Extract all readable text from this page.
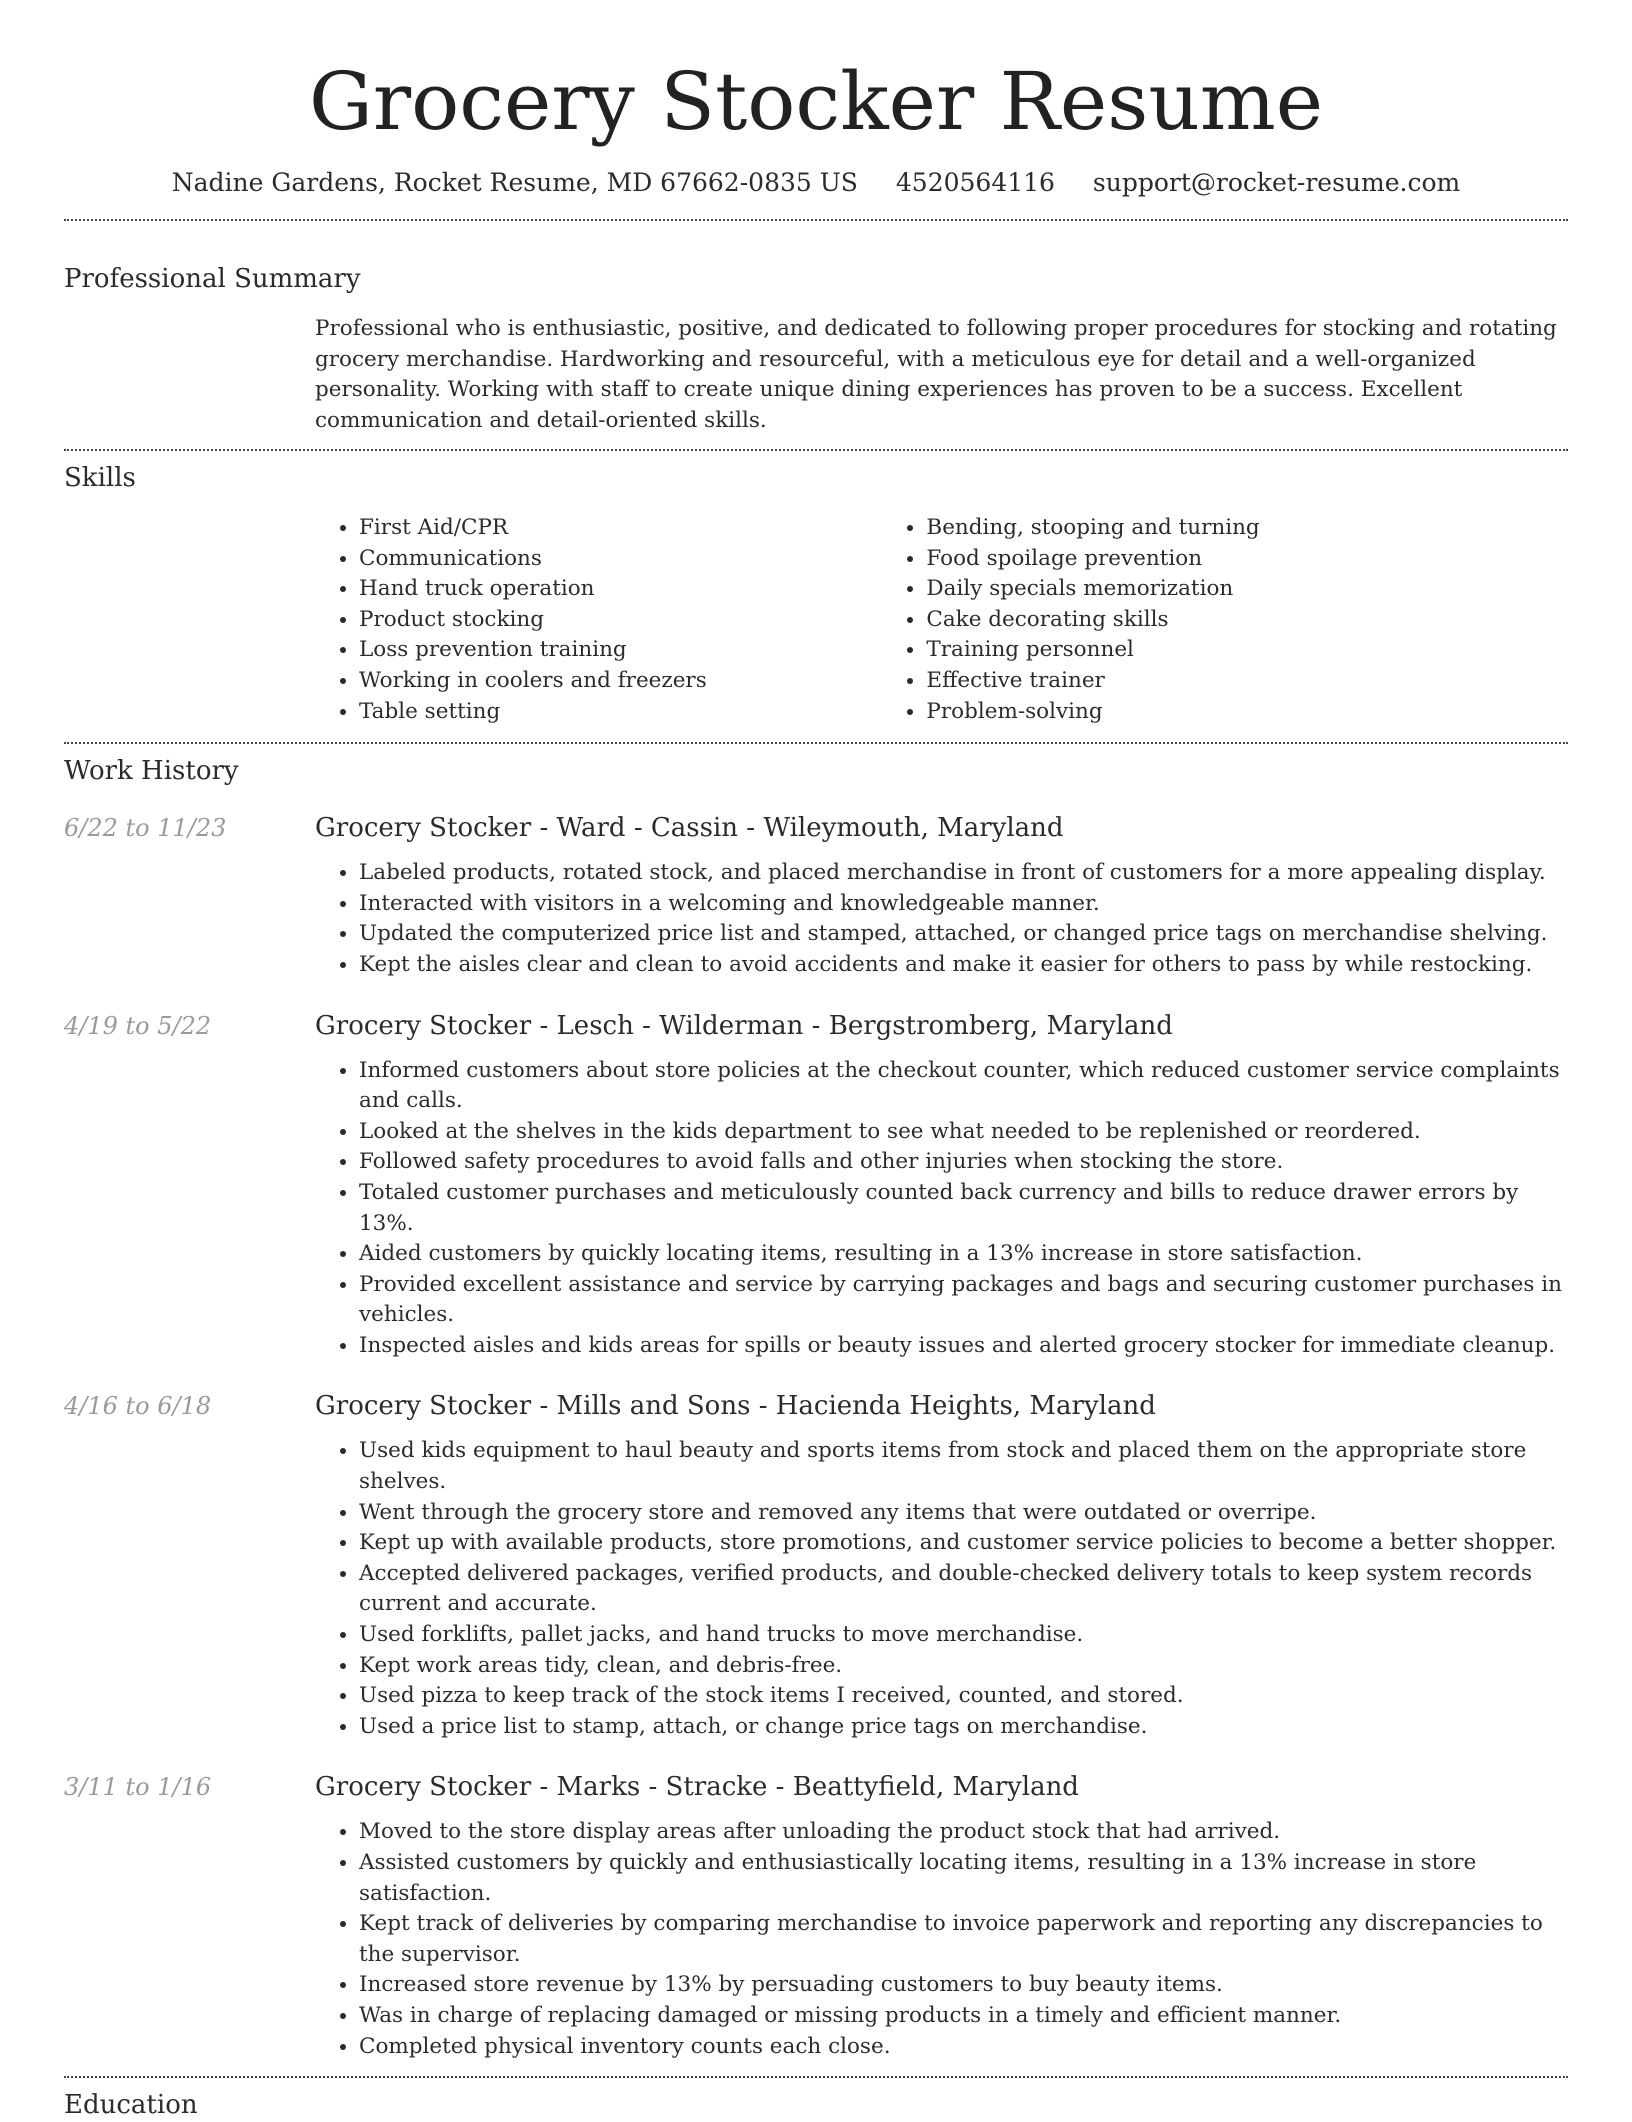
Grocery Stocker Resume
Nadine Gardens, Rocket Resume, MD 67662-0835 US 4520564116 support@rocket-resume.com
Professional Summary

Professional who is enthusiastic, positive, and dedicated to following proper procedures for stocking and rotating grocery merchandise. Hardworking and resourceful, with a meticulous eye for detail and a well-organized personality. Working with staff to create unique dining experiences has proven to be a success. Excellent communication and detail-oriented skills.

Skills
• First Aid/CPR
• Communications
• Hand truck operation
• Product stocking
• Loss prevention training
• Working in coolers and freezers
• Table setting
• Bending, stooping and turning
• Food spoilage prevention
• Daily specials memorization
• Cake decorating skills
• Training personnel
• Effective trainer
• Problem-solving
Work History
6/22 to 11/23	Grocery Stocker - Ward - Cassin - Wileymouth, Maryland
• Labeled products, rotated stock, and placed merchandise in front of customers for a more appealing display.
• Interacted with visitors in a welcoming and knowledgeable manner.
• Updated the computerized price list and stamped, attached, or changed price tags on merchandise shelving.
• Kept the aisles clear and clean to avoid accidents and make it easier for others to pass by while restocking.
4/19 to 5/22	Grocery Stocker - Lesch - Wilderman - Bergstromberg, Maryland
• Informed customers about store policies at the checkout counter, which reduced customer service complaints and calls.
• Looked at the shelves in the kids department to see what needed to be replenished or reordered.
• Followed safety procedures to avoid falls and other injuries when stocking the store.
• Totaled customer purchases and meticulously counted back currency and bills to reduce drawer errors by 13%.
• Aided customers by quickly locating items, resulting in a 13% increase in store satisfaction.
• Provided excellent assistance and service by carrying packages and bags and securing customer purchases in vehicles.
• Inspected aisles and kids areas for spills or beauty issues and alerted grocery stocker for immediate cleanup.
4/16 to 6/18	Grocery Stocker - Mills and Sons - Hacienda Heights, Maryland
• Used kids equipment to haul beauty and sports items from stock and placed them on the appropriate store shelves.
• Went through the grocery store and removed any items that were outdated or overripe.
• Kept up with available products, store promotions, and customer service policies to become a better shopper.
• Accepted delivered packages, verified products, and double-checked delivery totals to keep system records current and accurate.
• Used forklifts, pallet jacks, and hand trucks to move merchandise.
• Kept work areas tidy, clean, and debris-free.
• Used pizza to keep track of the stock items I received, counted, and stored.
• Used a price list to stamp, attach, or change price tags on merchandise.
3/11 to 1/16	Grocery Stocker - Marks - Stracke - Beattyfield, Maryland
• Moved to the store display areas after unloading the product stock that had arrived.
• Assisted customers by quickly and enthusiastically locating items, resulting in a 13% increase in store satisfaction.
• Kept track of deliveries by comparing merchandise to invoice paperwork and reporting any discrepancies to the supervisor.
• Increased store revenue by 13% by persuading customers to buy beauty items.
• Was in charge of replacing damaged or missing products in a timely and efficient manner.
• Completed physical inventory counts each close.
Education
